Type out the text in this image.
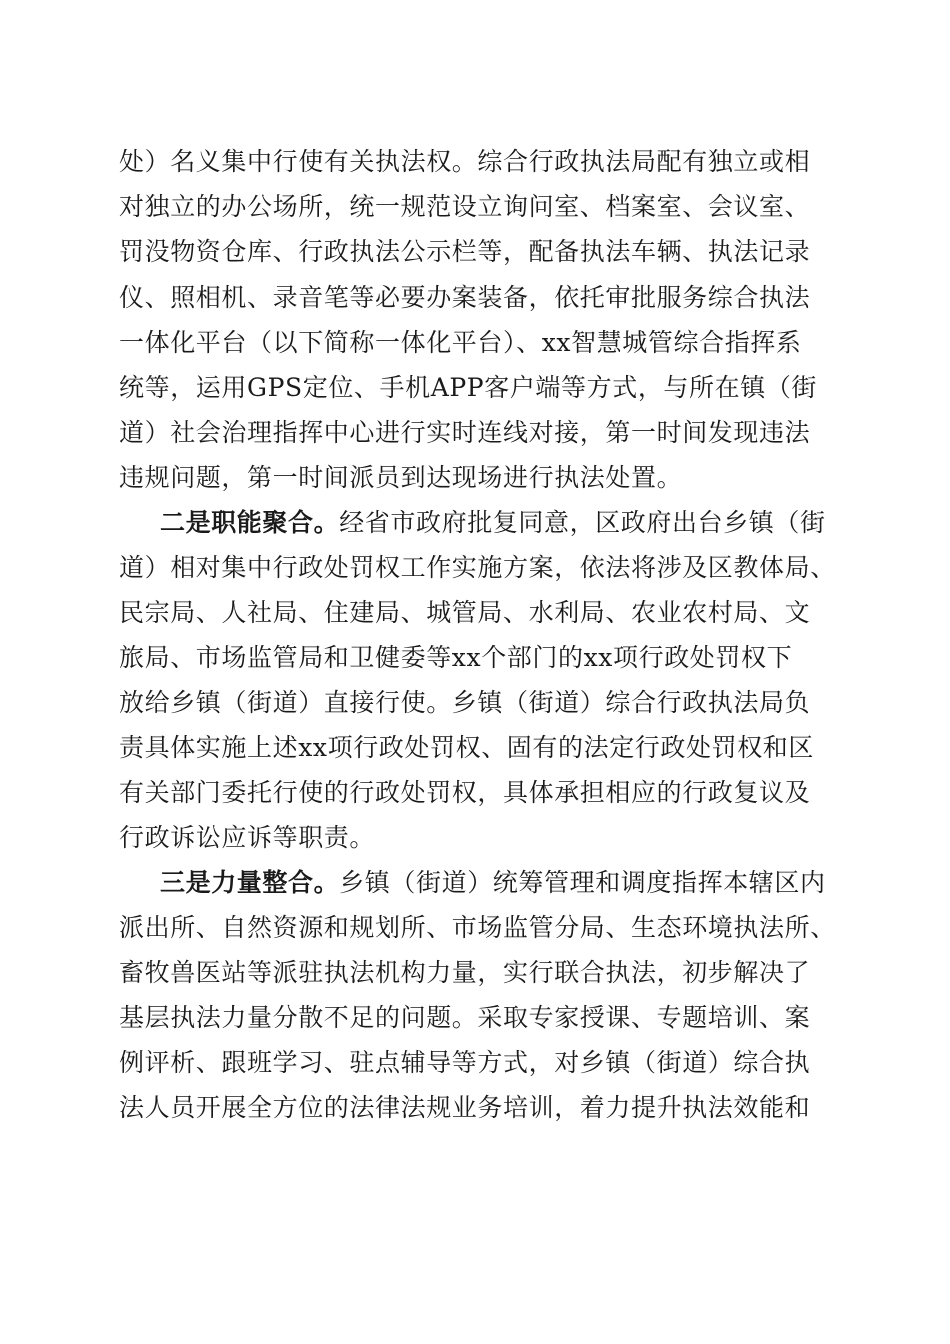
处）名义集中行使有关执法权。综合行政执法局配有独立或相
对独立的办公场所，统一规范设立询问室、档案室、会议室、
罚没物资仓库、行政执法公示栏等，配备执法车辆、执法记录
仪、照相机、录音笔等必要办案装备，依托审批服务综合执法
一体化平台（以下简称一体化平台）、xx智慧城管综合指挥系
统等，运用GPS定位、手机APP客户端等方式，与所在镇（街
道）社会治理指挥中心进行实时连线对接，第一时间发现违法
违规问题，第一时间派员到达现场进行执法处置。
二是职能聚合。经省市政府批复同意，区政府出台乡镇（街
道）相对集中行政处罚权工作实施方案，依法将涉及区教体局、
民宗局、人社局、住建局、城管局、水利局、农业农村局、文
旅局、市场监管局和卫健委等xx个部门的xx项行政处罚权下
放给乡镇（街道）直接行使。乡镇（街道）综合行政执法局负
责具体实施上述xx项行政处罚权、固有的法定行政处罚权和区
有关部门委托行使的行政处罚权，具体承担相应的行政复议及
行政诉讼应诉等职责。
三是力量整合。乡镇（街道）统筹管理和调度指挥本辖区内
派出所、自然资源和规划所、市场监管分局、生态环境执法所、
畜牧兽医站等派驻执法机构力量，实行联合执法，初步解决了
基层执法力量分散不足的问题。采取专家授课、专题培训、案
例评析、跟班学习、驻点辅导等方式，对乡镇（街道）综合执
法人员开展全方位的法律法规业务培训，着力提升执法效能和
